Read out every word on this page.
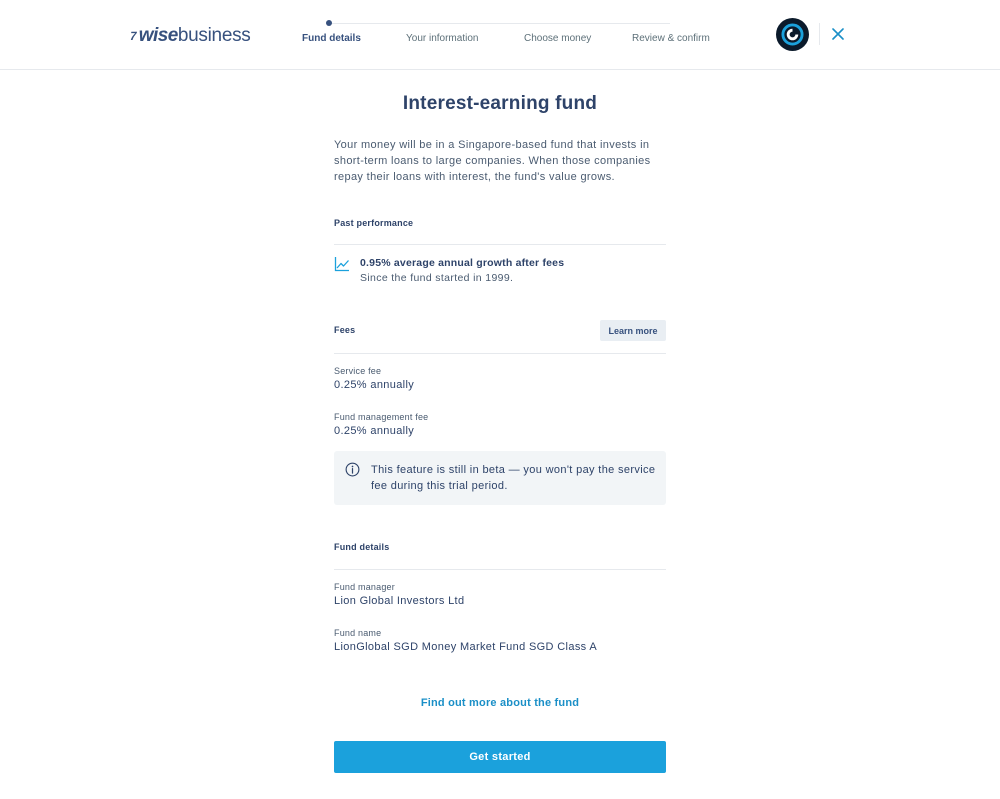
7 wise business	Fund details	Your information	Choose money	Review & confirm
Interest-earning fund

Your money will be in a Singapore-based fund that invests in short-term loans to large companies. When those companies repay their loans with interest, the fund's value grows.

Past performance
0.95% average annual growth after fees
Since the fund started in 1999.
Fees	Learn more
Service fee
0.25% annually
Fund management fee
0.25% annually

This feature is still in beta — you won't pay the service fee during this trial period.

Fund details
Fund manager
Lion Global Investors Ltd
Fund name
LionGlobal SGD Money Market Fund SGD Class A
Find out more about the fund
Get started
